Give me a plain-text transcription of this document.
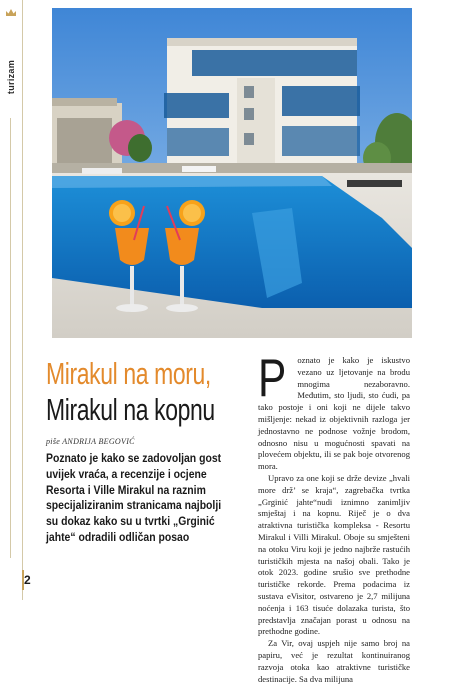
turizam
2
Mirakul na moru,
Mirakul na kopnu
piše ANDRIJA BEGOVIĆ
Poznato je kako se zadovoljan gost uvijek vraća, a recenzije i ocjene Resorta i Ville Mirakul na raznim specijaliziranim stranicama najbolji su dokaz kako su u tvrtki „Grginić jahte“ odradili odličan posao
P	oznato je kako je iskustvo vezano uz ljetovanje na brodu mnogima nezaboravno. Međutim, sto ljudi, sto ćudi, pa tako postoje i oni koji ne dijele takvo mišljenje: nekad iz objektivnih razloga jer jednostavno ne podnose vožnje brodom, odnosno nisu u mogućnosti spavati na plovećem objektu, ili se pak boje otvorenog mora.

Upravo za one koji se drže devize „hvali more drž’ se kraja“, zagrebačka tvrtka „Grginić jahte“nudi iznimno zanimljiv smještaj i na kopnu. Riječ je o dva atraktivna turistička kompleksa - Resortu Mirakul i Villi Mirakul. Oboje su smješteni na otoku Viru koji je jedno najbrže rastućih turističkih mjesta na našoj obali. Tako je otok 2023. godine srušio sve prethodne turističke rekorde. Prema podacima iz sustava eVisitor, ostvareno je 2,7 milijuna noćenja i 163 tisuće dolazaka turista, što predstavlja značajan porast u odnosu na prethodne godine.

Za Vir, ovaj uspjeh nije samo broj na papiru, već je rezultat kontinuiranog razvoja otoka kao atraktivne turističke destinacije. Sa dva milijuna
